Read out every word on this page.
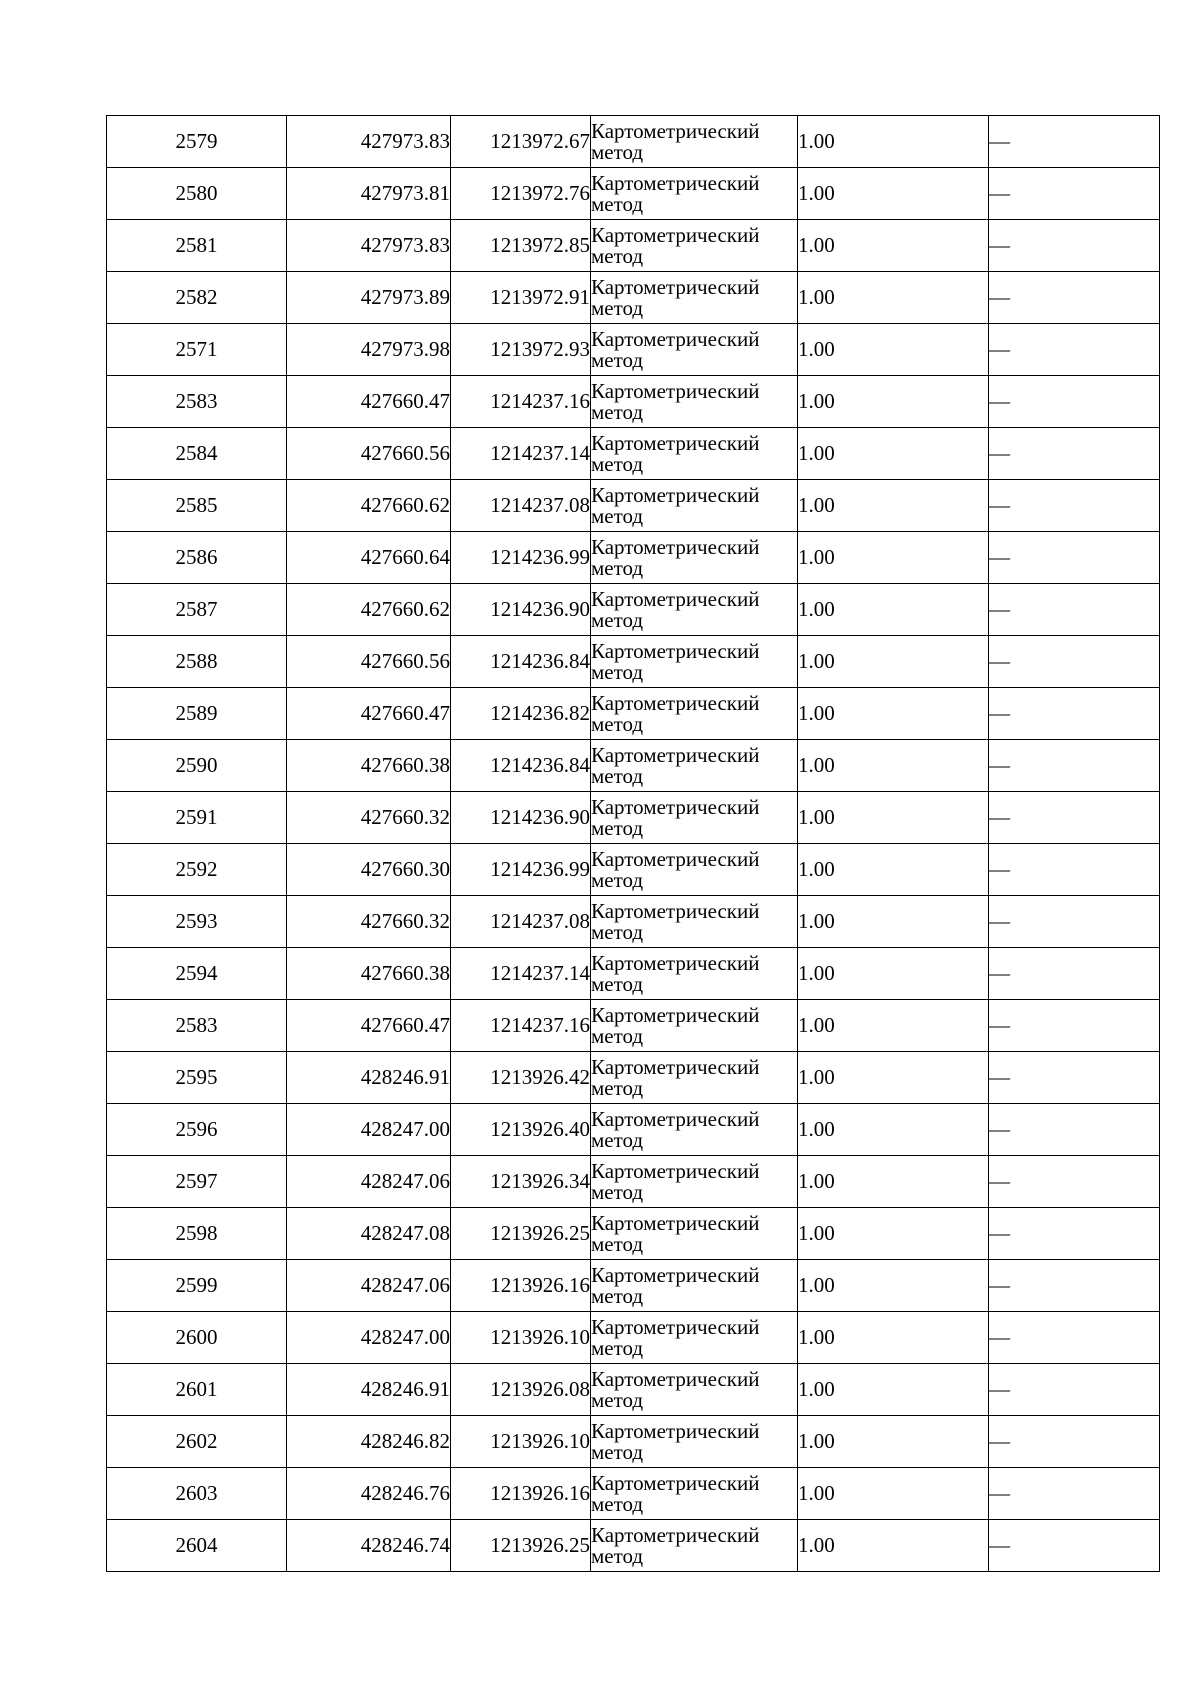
2579	427973.83	1213972.67	Картометрический
метод	1.00	—
2580	427973.81	1213972.76	Картометрический
метод	1.00	—
2581	427973.83	1213972.85	Картометрический
метод	1.00	—
2582	427973.89	1213972.91	Картометрический
метод	1.00	—
2571	427973.98	1213972.93	Картометрический
метод	1.00	—
2583	427660.47	1214237.16	Картометрический
метод	1.00	—
2584	427660.56	1214237.14	Картометрический
метод	1.00	—
2585	427660.62	1214237.08	Картометрический
метод	1.00	—
2586	427660.64	1214236.99	Картометрический
метод	1.00	—
2587	427660.62	1214236.90	Картометрический
метод	1.00	—
2588	427660.56	1214236.84	Картометрический
метод	1.00	—
2589	427660.47	1214236.82	Картометрический
метод	1.00	—
2590	427660.38	1214236.84	Картометрический
метод	1.00	—
2591	427660.32	1214236.90	Картометрический
метод	1.00	—
2592	427660.30	1214236.99	Картометрический
метод	1.00	—
2593	427660.32	1214237.08	Картометрический
метод	1.00	—
2594	427660.38	1214237.14	Картометрический
метод	1.00	—
2583	427660.47	1214237.16	Картометрический
метод	1.00	—
2595	428246.91	1213926.42	Картометрический
метод	1.00	—
2596	428247.00	1213926.40	Картометрический
метод	1.00	—
2597	428247.06	1213926.34	Картометрический
метод	1.00	—
2598	428247.08	1213926.25	Картометрический
метод	1.00	—
2599	428247.06	1213926.16	Картометрический
метод	1.00	—
2600	428247.00	1213926.10	Картометрический
метод	1.00	—
2601	428246.91	1213926.08	Картометрический
метод	1.00	—
2602	428246.82	1213926.10	Картометрический
метод	1.00	—
2603	428246.76	1213926.16	Картометрический
метод	1.00	—
2604	428246.74	1213926.25	Картометрический
метод	1.00	—
